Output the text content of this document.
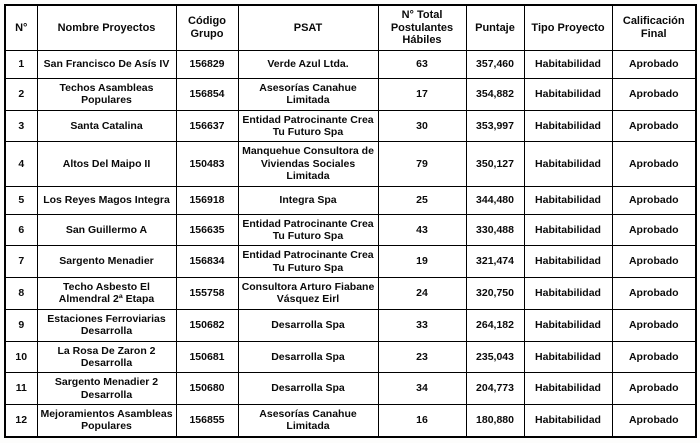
N°	Nombre Proyectos	Código Grupo	PSAT	N° Total Postulantes Hábiles	Puntaje	Tipo Proyecto	Calificación Final
1	San Francisco De Asís IV	156829	Verde Azul Ltda.	63	357,460	Habitabilidad	Aprobado
2	Techos Asambleas Populares	156854	Asesorías Canahue Limitada	17	354,882	Habitabilidad	Aprobado
3	Santa Catalina	156637	Entidad Patrocinante Crea Tu Futuro Spa	30	353,997	Habitabilidad	Aprobado
4	Altos Del Maipo II	150483	Manquehue Consultora de Viviendas Sociales Limitada	79	350,127	Habitabilidad	Aprobado
5	Los Reyes Magos Integra	156918	Integra Spa	25	344,480	Habitabilidad	Aprobado
6	San Guillermo A	156635	Entidad Patrocinante Crea Tu Futuro Spa	43	330,488	Habitabilidad	Aprobado
7	Sargento Menadier	156834	Entidad Patrocinante Crea Tu Futuro Spa	19	321,474	Habitabilidad	Aprobado
8	Techo Asbesto El Almendral 2ª Etapa	155758	Consultora Arturo Fiabane Vásquez Eirl	24	320,750	Habitabilidad	Aprobado
9	Estaciones Ferroviarias Desarrolla	150682	Desarrolla Spa	33	264,182	Habitabilidad	Aprobado
10	La Rosa De Zaron 2 Desarrolla	150681	Desarrolla Spa	23	235,043	Habitabilidad	Aprobado
11	Sargento Menadier 2 Desarrolla	150680	Desarrolla Spa	34	204,773	Habitabilidad	Aprobado
12	Mejoramientos Asambleas Populares	156855	Asesorías Canahue Limitada	16	180,880	Habitabilidad	Aprobado
